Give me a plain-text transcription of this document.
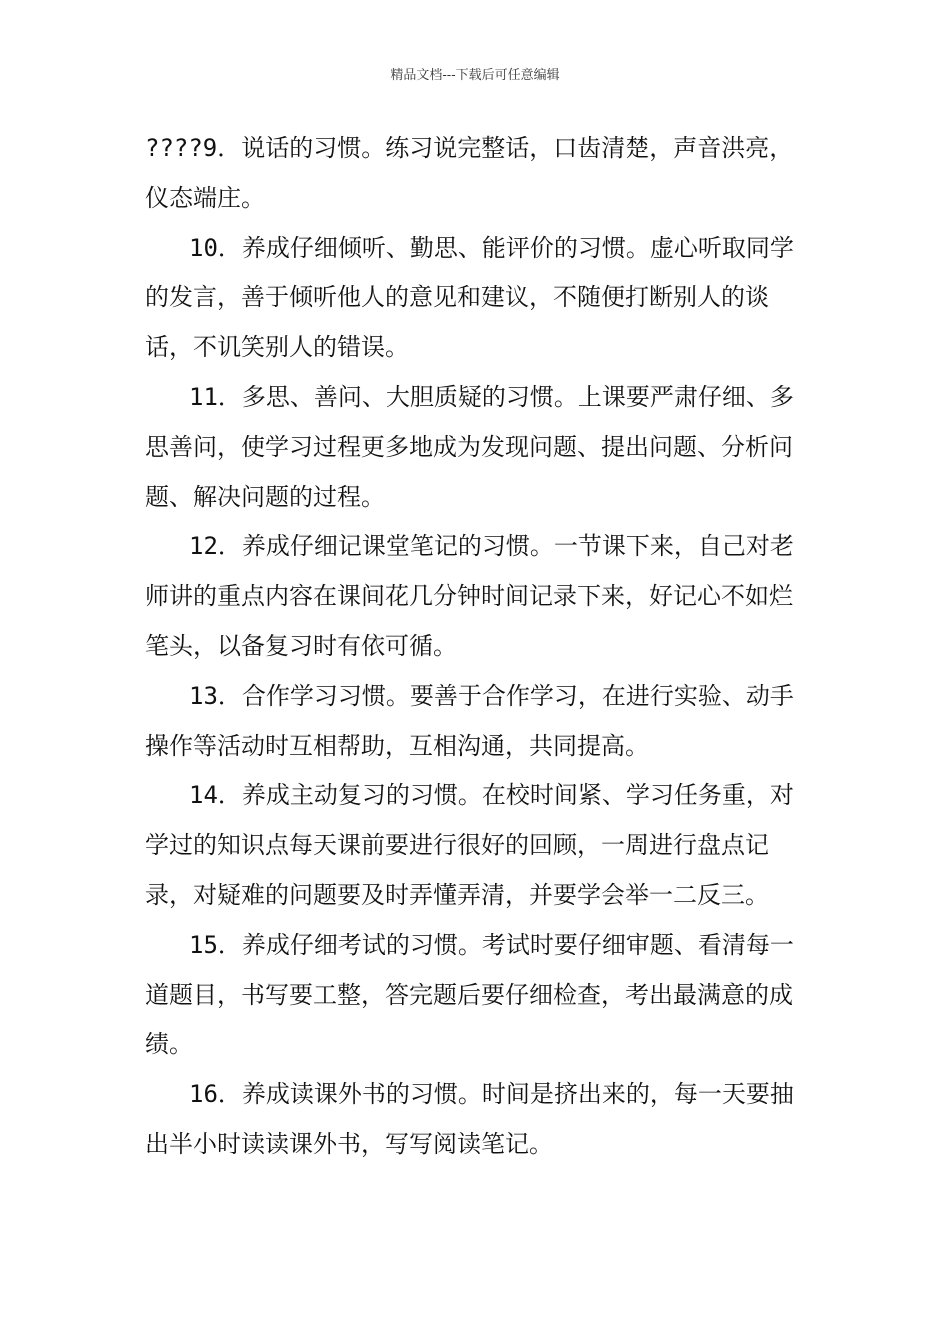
精品文档---下载后可任意编辑

????9．说话的习惯。练习说完整话，口齿清楚，声音洪亮，仪态端庄。

10．养成仔细倾听、勤思、能评价的习惯。虚心听取同学的发言，善于倾听他人的意见和建议，不随便打断别人的谈话，不讥笑别人的错误。

11．多思、善问、大胆质疑的习惯。上课要严肃仔细、多思善问，使学习过程更多地成为发现问题、提出问题、分析问题、解决问题的过程。

12．养成仔细记课堂笔记的习惯。一节课下来，自己对老师讲的重点内容在课间花几分钟时间记录下来，好记心不如烂笔头，以备复习时有依可循。

13．合作学习习惯。要善于合作学习，在进行实验、动手操作等活动时互相帮助，互相沟通，共同提高。

14．养成主动复习的习惯。在校时间紧、学习任务重，对学过的知识点每天课前要进行很好的回顾，一周进行盘点记录，对疑难的问题要及时弄懂弄清，并要学会举一二反三。

15．养成仔细考试的习惯。考试时要仔细审题、看清每一道题目，书写要工整，答完题后要仔细检查，考出最满意的成绩。

16．养成读课外书的习惯。时间是挤出来的，每一天要抽出半小时读读课外书，写写阅读笔记。
